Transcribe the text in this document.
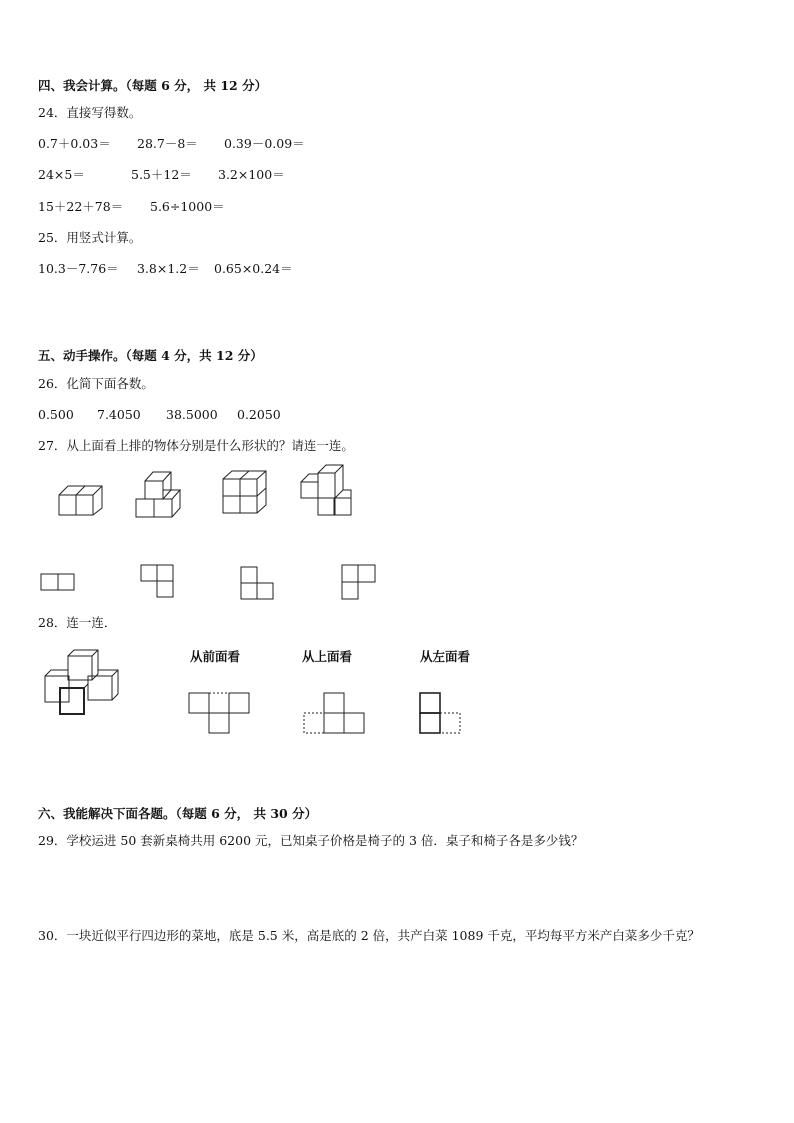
四、我会计算。（每题 6 分， 共 12 分）
24．直接写得数。
0.7＋0.03＝ 28.7－8＝ 0.39－0.09＝
24×5＝	5.5＋12＝ 3.2×100＝
15＋22＋78＝ 5.6÷1000＝
25．用竖式计算。
10.3－7.76＝ 3.8×1.2＝ 0.65×0.24＝
五、动手操作。（每题 4 分，共 12 分）
26．化简下面各数。
0.500 7.4050 38.5000 0.2050
27．从上面看上排的物体分别是什么形状的？请连一连。
28．连一连．
从前面看	从上面看	从左面看
六、我能解决下面各题。（每题 6 分， 共 30 分）
29．学校运进 50 套新桌椅共用 6200 元，已知桌子价格是椅子的 3 倍．桌子和椅子各是多少钱？
30．一块近似平行四边形的菜地，底是 5.5 米，高是底的 2 倍，共产白菜 1089 千克，平均每平方米产白菜多少千克？
